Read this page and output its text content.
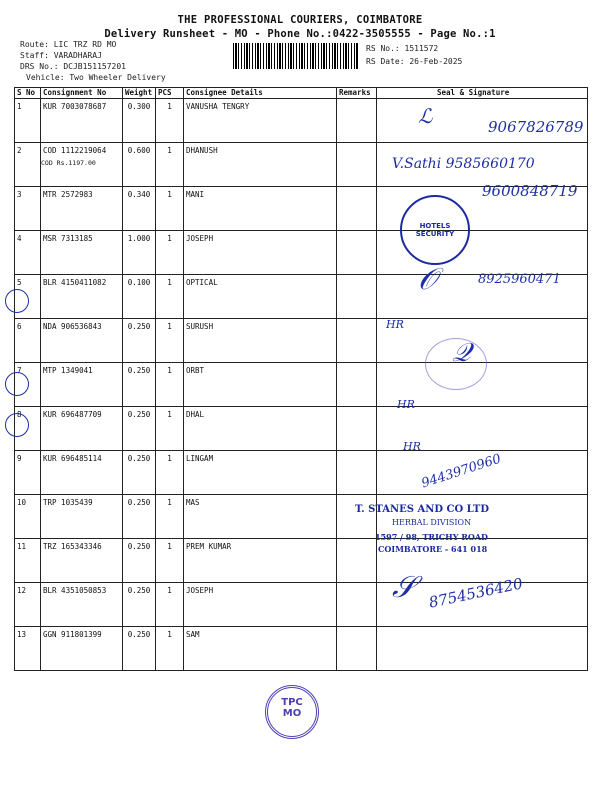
THE PROFESSIONAL COURIERS, COIMBATORE
Delivery Runsheet - MO - Phone No.:0422-3505555 - Page No.:1
Route: LIC TRZ RD MO
Staff: VARADHARAJ
DRS No.: DCJB151157201
Vehicle: Two Wheeler Delivery
RS No.: 1511572
RS Date: 26-Feb-2025
S No	Consignment No	Weight	PCS	Consignee Details	Remarks	Seal & Signature
1	KUR 7003078687	0.300	1	VANUSHA TENGRY		
2	COD 1112219064
COD Rs.1197.00	0.600	1	DHANUSH		
3	MTR 2572983	0.340	1	MANI		
4	MSR 7313185	1.000	1	JOSEPH		
5	BLR 4150411082	0.100	1	OPTICAL		
6	NDA 906536843	0.250	1	SURUSH		
7	MTP 1349041	0.250	1	ORBT		
8	KUR 696487709	0.250	1	DHAL		
9	KUR 696485114	0.250	1	LINGAM		
10	TRP 1035439	0.250	1	MAS		
11	TRZ 165343346	0.250	1	PREM KUMAR		
12	BLR 4351050853	0.250	1	JOSEPH		
13	GGN 911801399	0.250	1	SAM		
9067826789
ℒ
V.Sathi 9585660170
9600848719
HOTELS SECURITY
𝒪	8925960471
HR
𝒬
HR
HR
9443970960
T. STANES AND CO LTD
HERBAL DIVISION
1597 / 98, TRICHY ROAD
COIMBATORE - 641 018
8754536420
𝒮
TPC
MO
